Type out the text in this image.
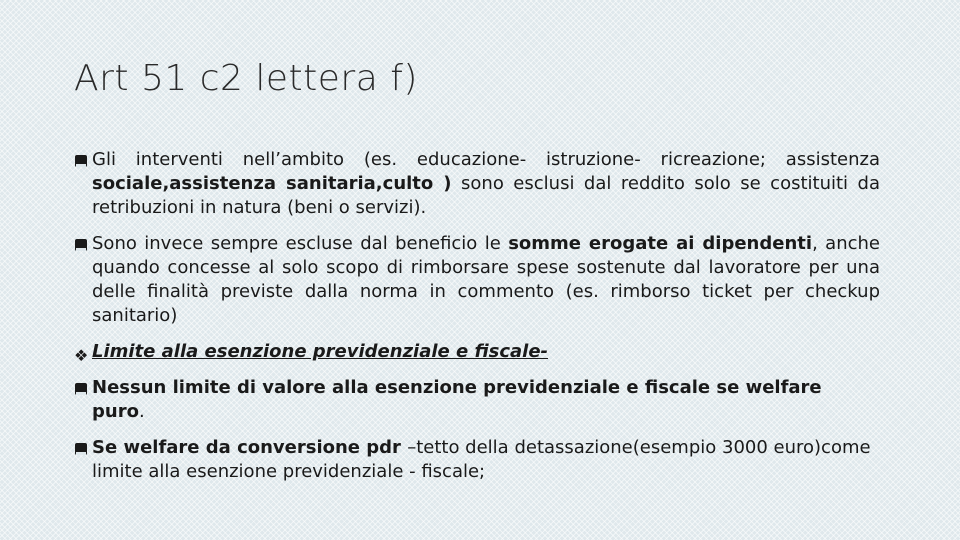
Art 51 c2 lettera f)
Gli interventi nell’ambito (es. educazione- istruzione- ricreazione; assistenza sociale,assistenza sanitaria,culto ) sono esclusi dal reddito solo se costituiti da retribuzioni in natura (beni o servizi).
Sono invece sempre escluse dal beneficio le somme erogate ai dipendenti, anche quando concesse al solo scopo di rimborsare spese sostenute dal lavoratore per una delle finalità previste dalla norma in commento (es. rimborso ticket per checkup sanitario)
❖ Limite alla esenzione previdenziale e fiscale-
Nessun limite di valore alla esenzione previdenziale e fiscale se welfare puro.
Se welfare da conversione pdr –tetto della detassazione(esempio 3000 euro)come limite alla esenzione previdenziale - fiscale;
